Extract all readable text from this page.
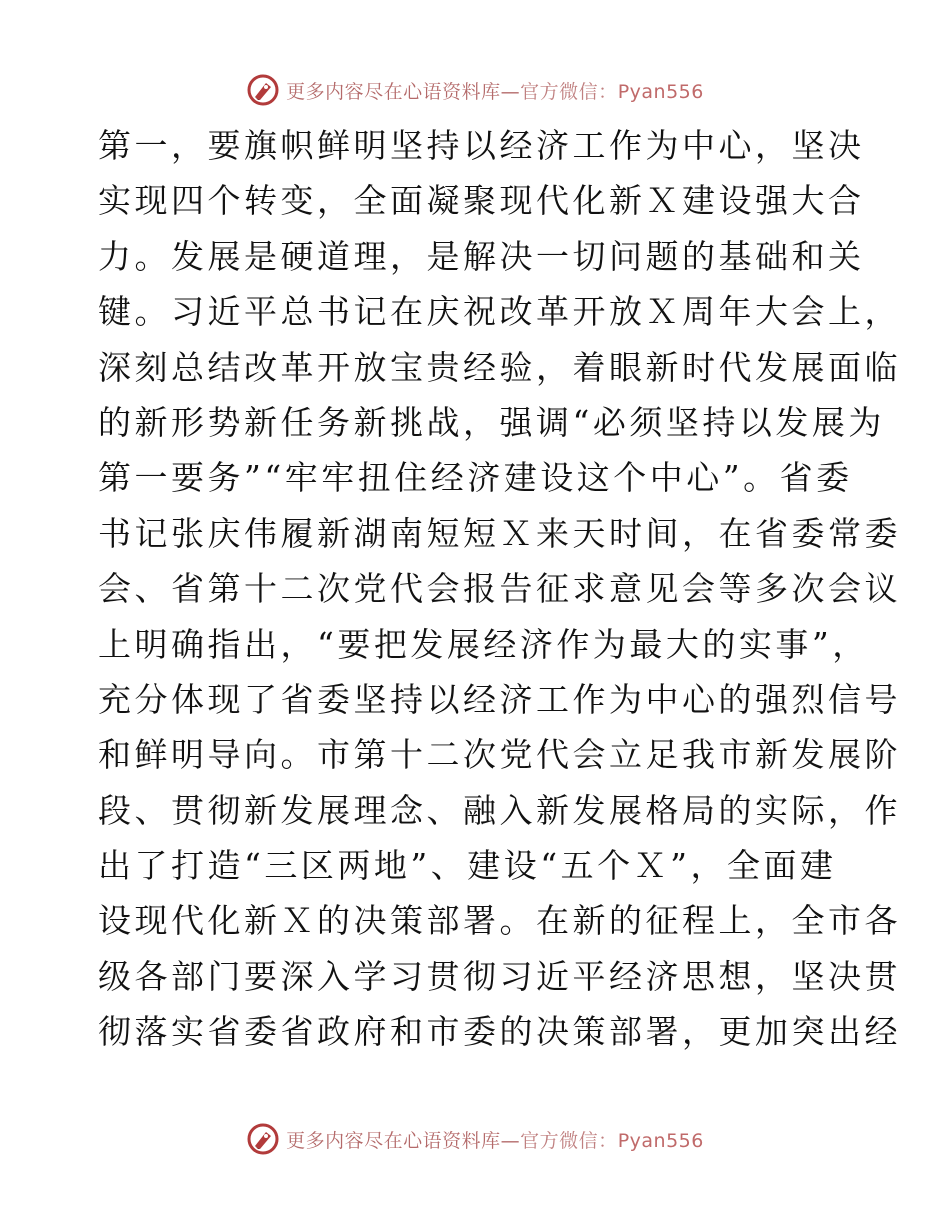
更多内容尽在心语资料库—官方微信：Pyan556
第一，要旗帜鲜明坚持以经济工作为中心，坚决
实现四个转变，全面凝聚现代化新Ｘ建设强大合
力。发展是硬道理，是解决一切问题的基础和关
键。习近平总书记在庆祝改革开放Ｘ周年大会上，
深刻总结改革开放宝贵经验，着眼新时代发展面临
的新形势新任务新挑战，强调“必须坚持以发展为
第一要务”“牢牢扭住经济建设这个中心”。省委
书记张庆伟履新湖南短短Ｘ来天时间，在省委常委
会、省第十二次党代会报告征求意见会等多次会议
上明确指出，“要把发展经济作为最大的实事”，
充分体现了省委坚持以经济工作为中心的强烈信号
和鲜明导向。市第十二次党代会立足我市新发展阶
段、贯彻新发展理念、融入新发展格局的实际，作
出了打造“三区两地”、建设“五个Ｘ”，全面建
设现代化新Ｘ的决策部署。在新的征程上，全市各
级各部门要深入学习贯彻习近平经济思想，坚决贯
彻落实省委省政府和市委的决策部署，更加突出经
更多内容尽在心语资料库—官方微信：Pyan556
